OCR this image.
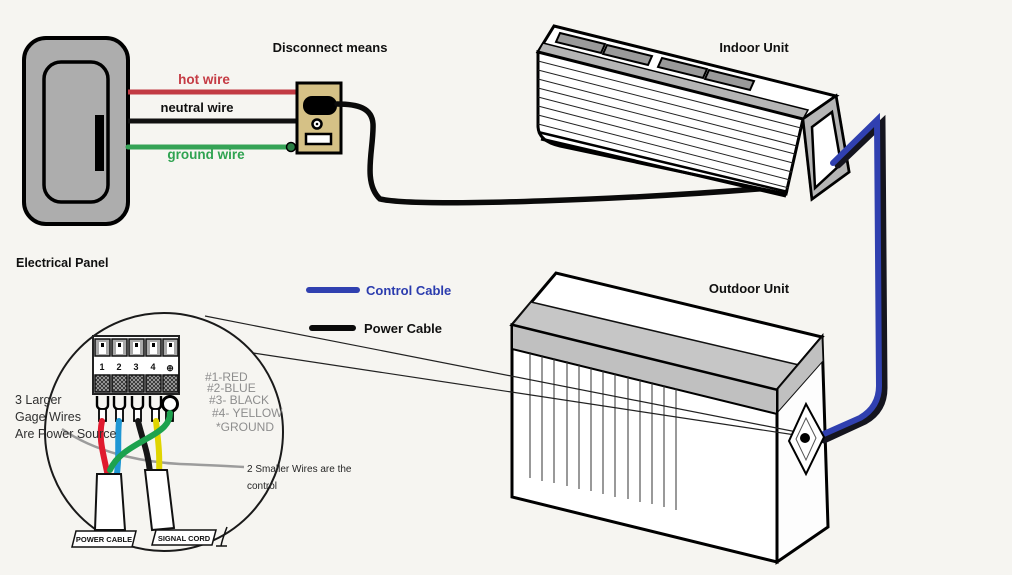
Electrical Panel
hot wire
neutral wire
ground wire
Disconnect means	Indoor Unit
Outdoor Unit
Control Cable
Power Cable
1 2 3 4 ⊕
POWER CABLE	SIGNAL CORD
3 Larger
Gage Wires
Are Power Source
#1-RED
#2-BLUE
#3- BLACK
#4- YELLOW
*GROUND
2 Smaller Wires are the
control
